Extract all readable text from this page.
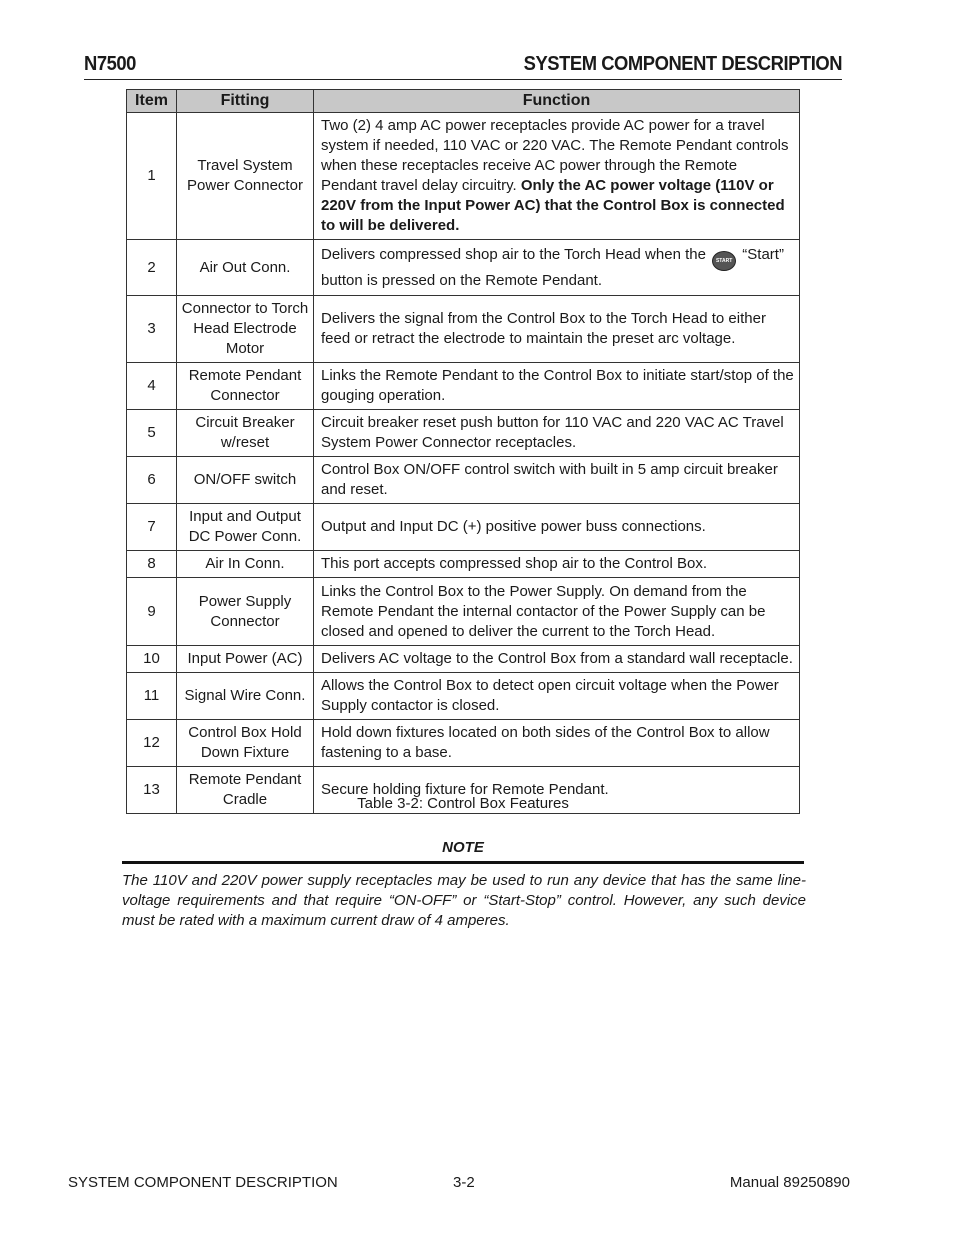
N7500	SYSTEM COMPONENT DESCRIPTION
Item	Fitting	Function
1	Travel System Power Connector	Two (2) 4 amp AC power receptacles provide AC power for a travel system if needed, 110 VAC or 220 VAC. The Remote Pendant controls when these receptacles receive AC power through the Remote Pendant travel delay circuitry. Only the AC power voltage (110V or 220V from the Input Power AC) that the Control Box is connected to will be delivered.
2	Air Out Conn.	Delivers compressed shop air to the Torch Head when the START “Start” button is pressed on the Remote Pendant.
3	Connector to Torch Head Electrode Motor	Delivers the signal from the Control Box to the Torch Head to either feed or retract the electrode to maintain the preset arc voltage.
4	Remote Pendant Connector	Links the Remote Pendant to the Control Box to initiate start/stop of the gouging operation.
5	Circuit Breaker w/reset	Circuit breaker reset push button for 110 VAC and 220 VAC AC Travel System Power Connector receptacles.
6	ON/OFF switch	Control Box ON/OFF control switch with built in 5 amp circuit breaker and reset.
7	Input and Output DC Power Conn.	Output and Input DC (+) positive power buss connections.
8	Air In Conn.	This port accepts compressed shop air to the Control Box.
9	Power Supply Connector	Links the Control Box to the Power Supply. On demand from the Remote Pendant the internal contactor of the Power Supply can be closed and opened to deliver the current to the Torch Head.
10	Input Power (AC)	Delivers AC voltage to the Control Box from a standard wall receptacle.
11	Signal Wire Conn.	Allows the Control Box to detect open circuit voltage when the Power Supply contactor is closed.
12	Control Box Hold Down Fixture	Hold down fixtures located on both sides of the Control Box to allow fastening to a base.
13	Remote Pendant Cradle	Secure holding fixture for Remote Pendant.
Table 3-2: Control Box Features
NOTE
The 110V and 220V power supply receptacles may be used to run any device that has the same line-voltage requirements and that require “ON-OFF” or “Start-Stop” control. However, any such device must be rated with a maximum current draw of 4 amperes.
SYSTEM COMPONENT DESCRIPTION	3-2	Manual 89250890
